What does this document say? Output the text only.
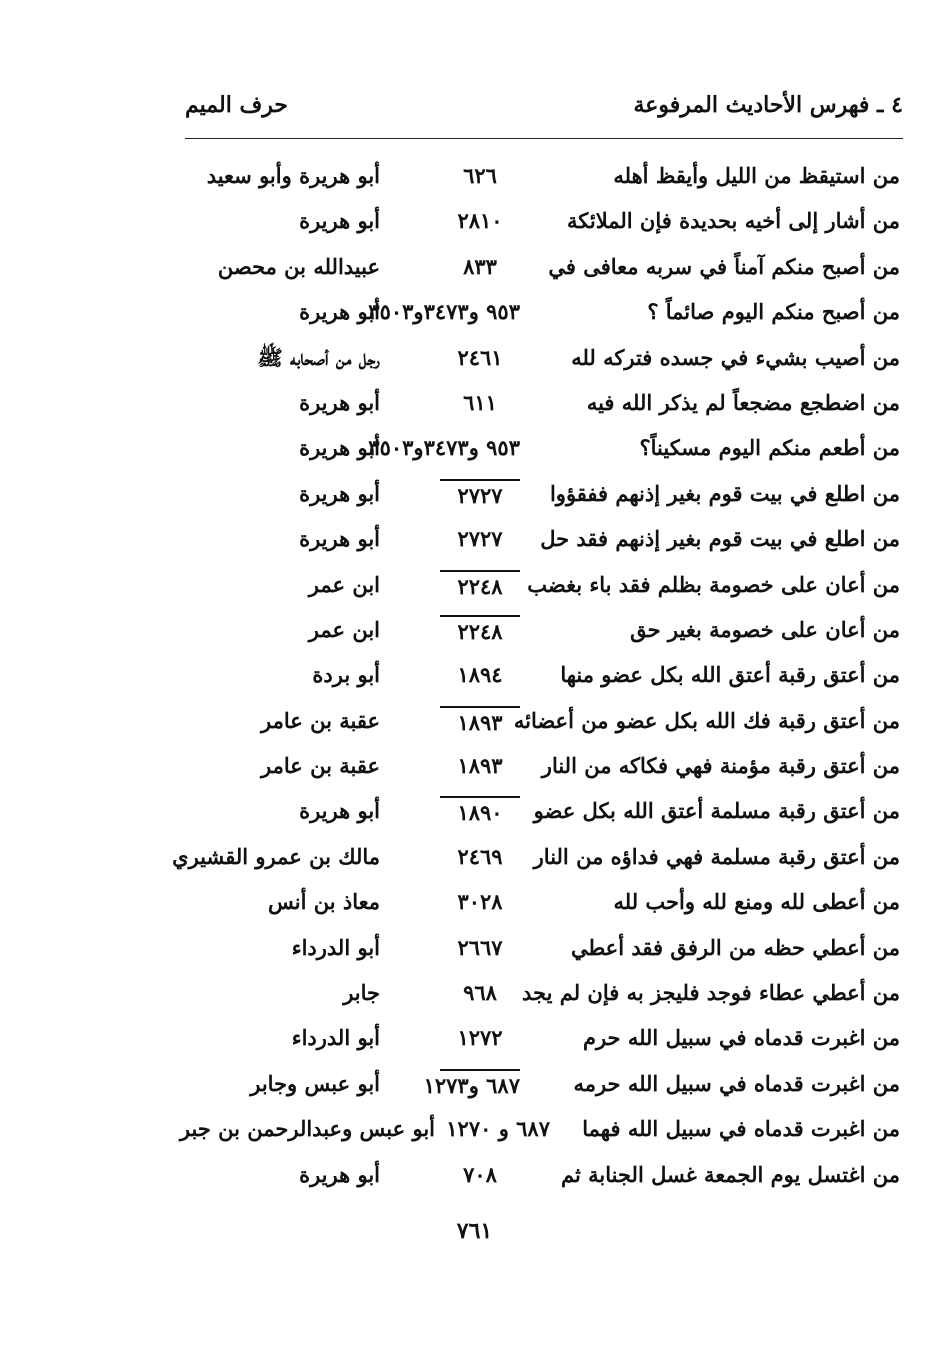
٤ ـ فهرس الأحاديث المرفوعة
حرف الميم
من استيقظ من الليل وأيقظ أهله
٦٢٦
أبو هريرة وأبو سعيد
من أشار إلى أخيه بحديدة فإن الملائكة
٢٨١٠
أبو هريرة
من أصبح منكم آمناً في سربه معافى في
٨٣٣
عبيدالله بن محصن
من أصبح منكم اليوم صائماً ؟
٩٥٣ و٣٤٧٣و٣٥٠٣
أبو هريرة
من أصيب بشيء في جسده فتركه لله
٢٤٦١
رجل من أصحابه ﷺ
من اضطجع مضجعاً لم يذكر الله فيه
٦١١
أبو هريرة
من أطعم منكم اليوم مسكيناً؟
٩٥٣ و٣٤٧٣و٣٥٠٣
أبو هريرة
من اطلع في بيت قوم بغير إذنهم ففقؤوا
٢٧٢٧
أبو هريرة
من اطلع في بيت قوم بغير إذنهم فقد حل
٢٧٢٧
أبو هريرة
من أعان على خصومة بظلم فقد باء بغضب
٢٢٤٨
ابن عمر
من أعان على خصومة بغير حق
٢٢٤٨
ابن عمر
من أعتق رقبة أعتق الله بكل عضو منها
١٨٩٤
أبو بردة
من أعتق رقبة فك الله بكل عضو من أعضائه
١٨٩٣
عقبة بن عامر
من أعتق رقبة مؤمنة فهي فكاكه من النار
١٨٩٣
عقبة بن عامر
من أعتق رقبة مسلمة أعتق الله بكل عضو
١٨٩٠
أبو هريرة
من أعتق رقبة مسلمة فهي فداؤه من النار
٢٤٦٩
مالك بن عمرو القشيري
من أعطى لله ومنع لله وأحب لله
٣٠٢٨
معاذ بن أنس
من أعطي حظه من الرفق فقد أعطي
٢٦٦٧
أبو الدرداء
من أعطي عطاء فوجد فليجز به فإن لم يجد
٩٦٨
جابر
من اغبرت قدماه في سبيل الله حرم
١٢٧٢
أبو الدرداء
من اغبرت قدماه في سبيل الله حرمه
٦٨٧ و١٢٧٣
أبو عبس وجابر
من اغبرت قدماه في سبيل الله فهما
٦٨٧ و ١٢٧٠
أبو عبس وعبدالرحمن بن جبر
من اغتسل يوم الجمعة غسل الجنابة ثم
٧٠٨
أبو هريرة
٧٦١
